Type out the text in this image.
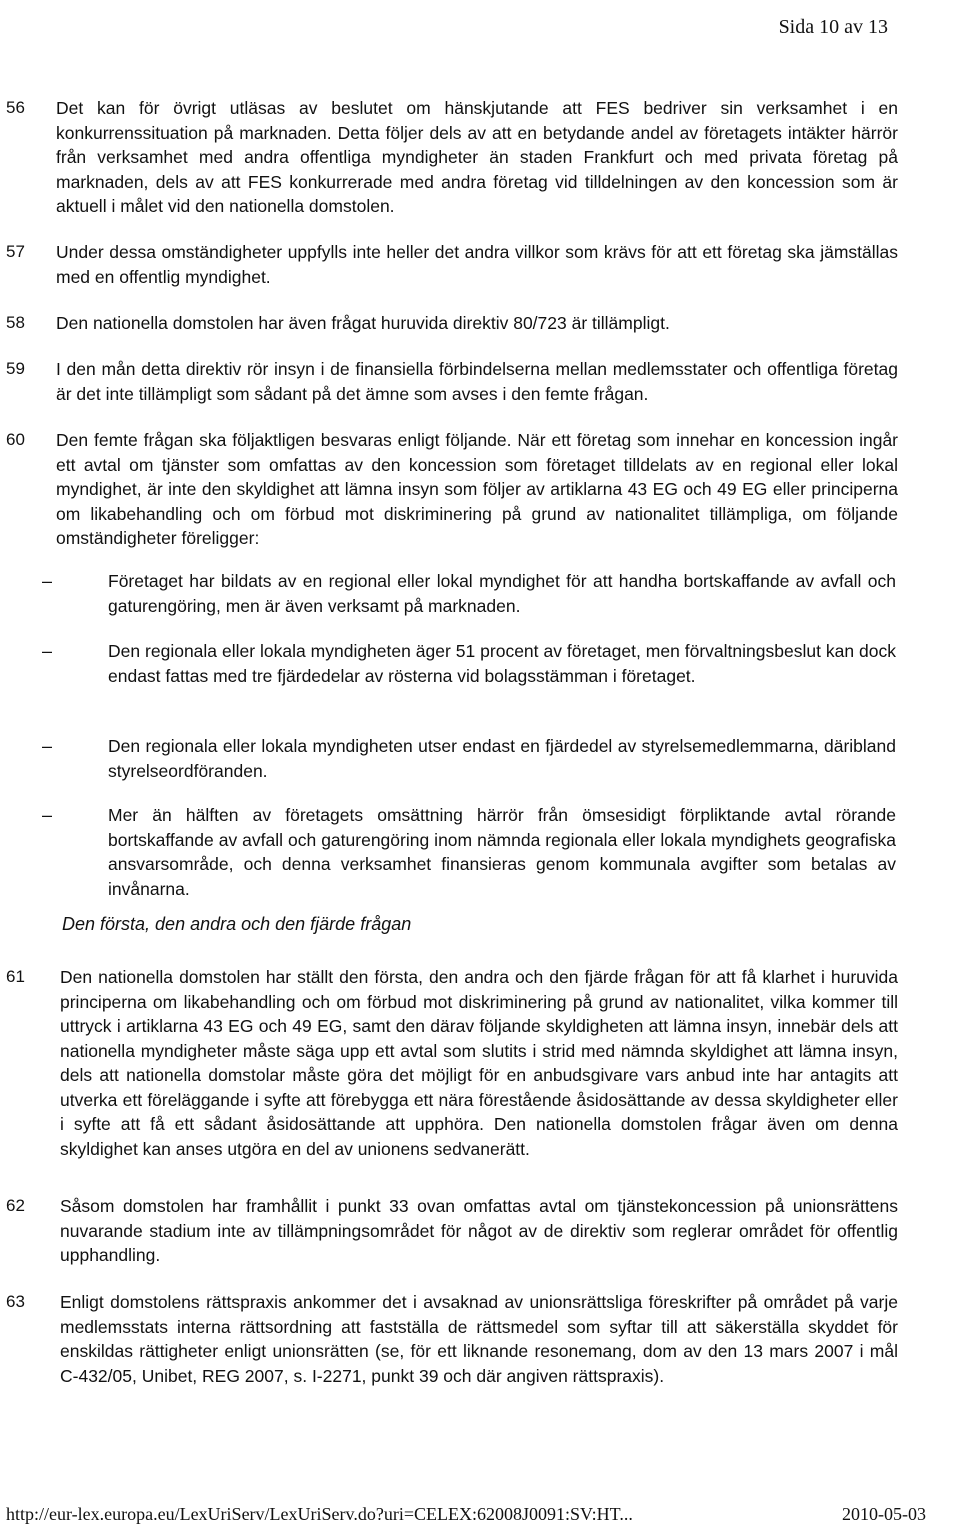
Sida 10 av 13
56 Det kan för övrigt utläsas av beslutet om hänskjutande att FES bedriver sin verksamhet i en konkurrenssituation på marknaden. Detta följer dels av att en betydande andel av företagets intäkter härrör från verksamhet med andra offentliga myndigheter än staden Frankfurt och med privata företag på marknaden, dels av att FES konkurrerade med andra företag vid tilldelningen av den koncession som är aktuell i målet vid den nationella domstolen.
57 Under dessa omständigheter uppfylls inte heller det andra villkor som krävs för att ett företag ska jämställas med en offentlig myndighet.
58 Den nationella domstolen har även frågat huruvida direktiv 80/723 är tillämpligt.
59 I den mån detta direktiv rör insyn i de finansiella förbindelserna mellan medlemsstater och offentliga företag är det inte tillämpligt som sådant på det ämne som avses i den femte frågan.
60 Den femte frågan ska följaktligen besvaras enligt följande. När ett företag som innehar en koncession ingår ett avtal om tjänster som omfattas av den koncession som företaget tilldelats av en regional eller lokal myndighet, är inte den skyldighet att lämna insyn som följer av artiklarna 43 EG och 49 EG eller principerna om likabehandling och om förbud mot diskriminering på grund av nationalitet tillämpliga, om följande omständigheter föreligger:
–	Företaget har bildats av en regional eller lokal myndighet för att handha bortskaffande av avfall och gaturengöring, men är även verksamt på marknaden.
–	Den regionala eller lokala myndigheten äger 51 procent av företaget, men förvaltningsbeslut kan dock endast fattas med tre fjärdedelar av rösterna vid bolagsstämman i företaget.
–	Den regionala eller lokala myndigheten utser endast en fjärdedel av styrelsemedlemmarna, däribland styrelseordföranden.
–	Mer än hälften av företagets omsättning härrör från ömsesidigt förpliktande avtal rörande bortskaffande av avfall och gaturengöring inom nämnda regionala eller lokala myndighets geografiska ansvarsområde, och denna verksamhet finansieras genom kommunala avgifter som betalas av invånarna.
Den första, den andra och den fjärde frågan
61 Den nationella domstolen har ställt den första, den andra och den fjärde frågan för att få klarhet i huruvida principerna om likabehandling och om förbud mot diskriminering på grund av nationalitet, vilka kommer till uttryck i artiklarna 43 EG och 49 EG, samt den därav följande skyldigheten att lämna insyn, innebär dels att nationella myndigheter måste säga upp ett avtal som slutits i strid med nämnda skyldighet att lämna insyn, dels att nationella domstolar måste göra det möjligt för en anbudsgivare vars anbud inte har antagits att utverka ett föreläggande i syfte att förebygga ett nära förestående åsidosättande av dessa skyldigheter eller i syfte att få ett sådant åsidosättande att upphöra. Den nationella domstolen frågar även om denna skyldighet kan anses utgöra en del av unionens sedvanerätt.
62 Såsom domstolen har framhållit i punkt 33 ovan omfattas avtal om tjänstekoncession på unionsrättens nuvarande stadium inte av tillämpningsområdet för något av de direktiv som reglerar området för offentlig upphandling.
63 Enligt domstolens rättspraxis ankommer det i avsaknad av unionsrättsliga föreskrifter på området på varje medlemsstats interna rättsordning att fastställa de rättsmedel som syftar till att säkerställa skyddet för enskildas rättigheter enligt unionsrätten (se, för ett liknande resonemang, dom av den 13 mars 2007 i mål C-432/05, Unibet, REG 2007, s. I-2271, punkt 39 och där angiven rättspraxis).
http://eur-lex.europa.eu/LexUriServ/LexUriServ.do?uri=CELEX:62008J0091:SV:HT...	2010-05-03
